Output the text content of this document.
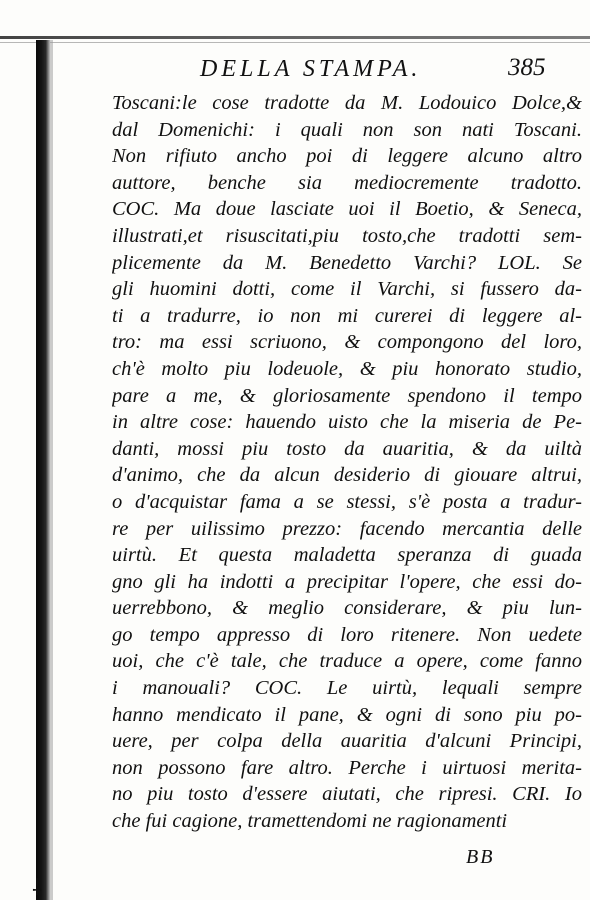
⸸
DELLA STAMPA.	385
Toscani:le cose tradotte da M. Lodouico Dolce,&
dal Domenichi: i quali non son nati Toscani.
Non rifiuto ancho poi di leggere alcuno altro
auttore, benche sia mediocremente tradotto.
COC. Ma doue lasciate uoi il Boetio, & Seneca,
illustrati,et risuscitati,piu tosto,che tradotti sem-
plicemente da M. Benedetto Varchi? LOL. Se
gli huomini dotti, come il Varchi, si fussero da-
ti a tradurre, io non mi curerei di leggere al-
tro: ma essi scriuono, & compongono del loro,
ch'è molto piu lodeuole, & piu honorato studio,
pare a me, & gloriosamente spendono il tempo
in altre cose: hauendo uisto che la miseria de Pe-
danti, mossi piu tosto da auaritia, & da uiltà
d'animo, che da alcun desiderio di giouare altrui,
o d'acquistar fama a se stessi, s'è posta a tradur-
re per uilissimo prezzo: facendo mercantia delle
uirtù. Et questa maladetta speranza di guada
gno gli ha indotti a precipitar l'opere, che essi do-
uerrebbono, & meglio considerare, & piu lun-
go tempo appresso di loro ritenere. Non uedete
uoi, che c'è tale, che traduce a opere, come fanno
i manouali? COC. Le uirtù, lequali sempre
hanno mendicato il pane, & ogni di sono piu po-
uere, per colpa della auaritia d'alcuni Principi,
non possono fare altro. Perche i uirtuosi merita-
no piu tosto d'essere aiutati, che ripresi. CRI. Io
che fui cagione, tramettendomi ne ragionamenti
BB
